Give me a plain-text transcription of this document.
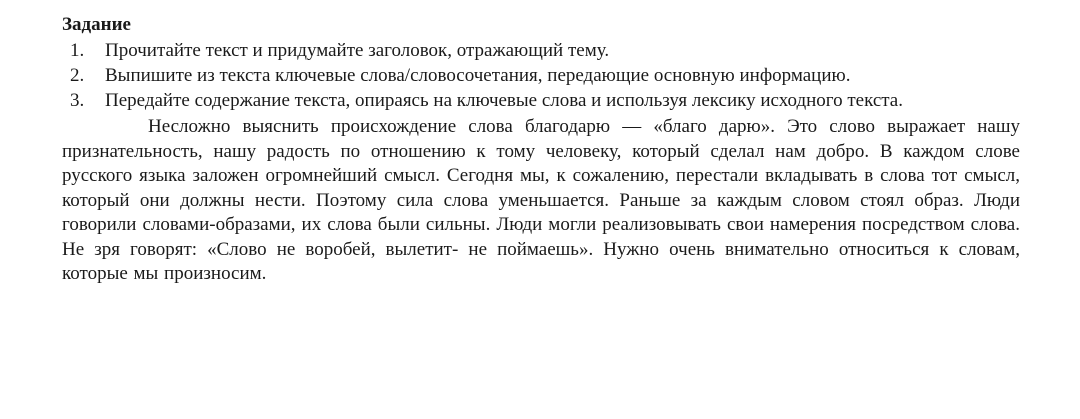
Задание
1.	Прочитайте текст и придумайте заголовок, отражающий тему.
2.	Выпишите из текста ключевые слова/словосочетания, передающие основную информацию.
3.	Передайте содержание текста, опираясь на ключевые слова и используя лексику исходного текста.

Несложно выяснить происхождение слова благодарю — «благо дарю». Это слово выражает нашу признательность, нашу радость по отношению к тому человеку, который сделал нам добро. В каждом слове русского языка заложен огромнейший смысл. Сегодня мы, к сожалению, перестали вкладывать в слова тот смысл, который они должны нести. Поэтому сила слова уменьшается. Раньше за каждым словом стоял образ. Люди говорили словами-образами, их слова были сильны. Люди могли реализовывать свои намерения посредством слова. Не зря говорят: «Слово не воробей, вылетит- не поймаешь». Нужно очень внимательно относиться к словам, которые мы произносим.
